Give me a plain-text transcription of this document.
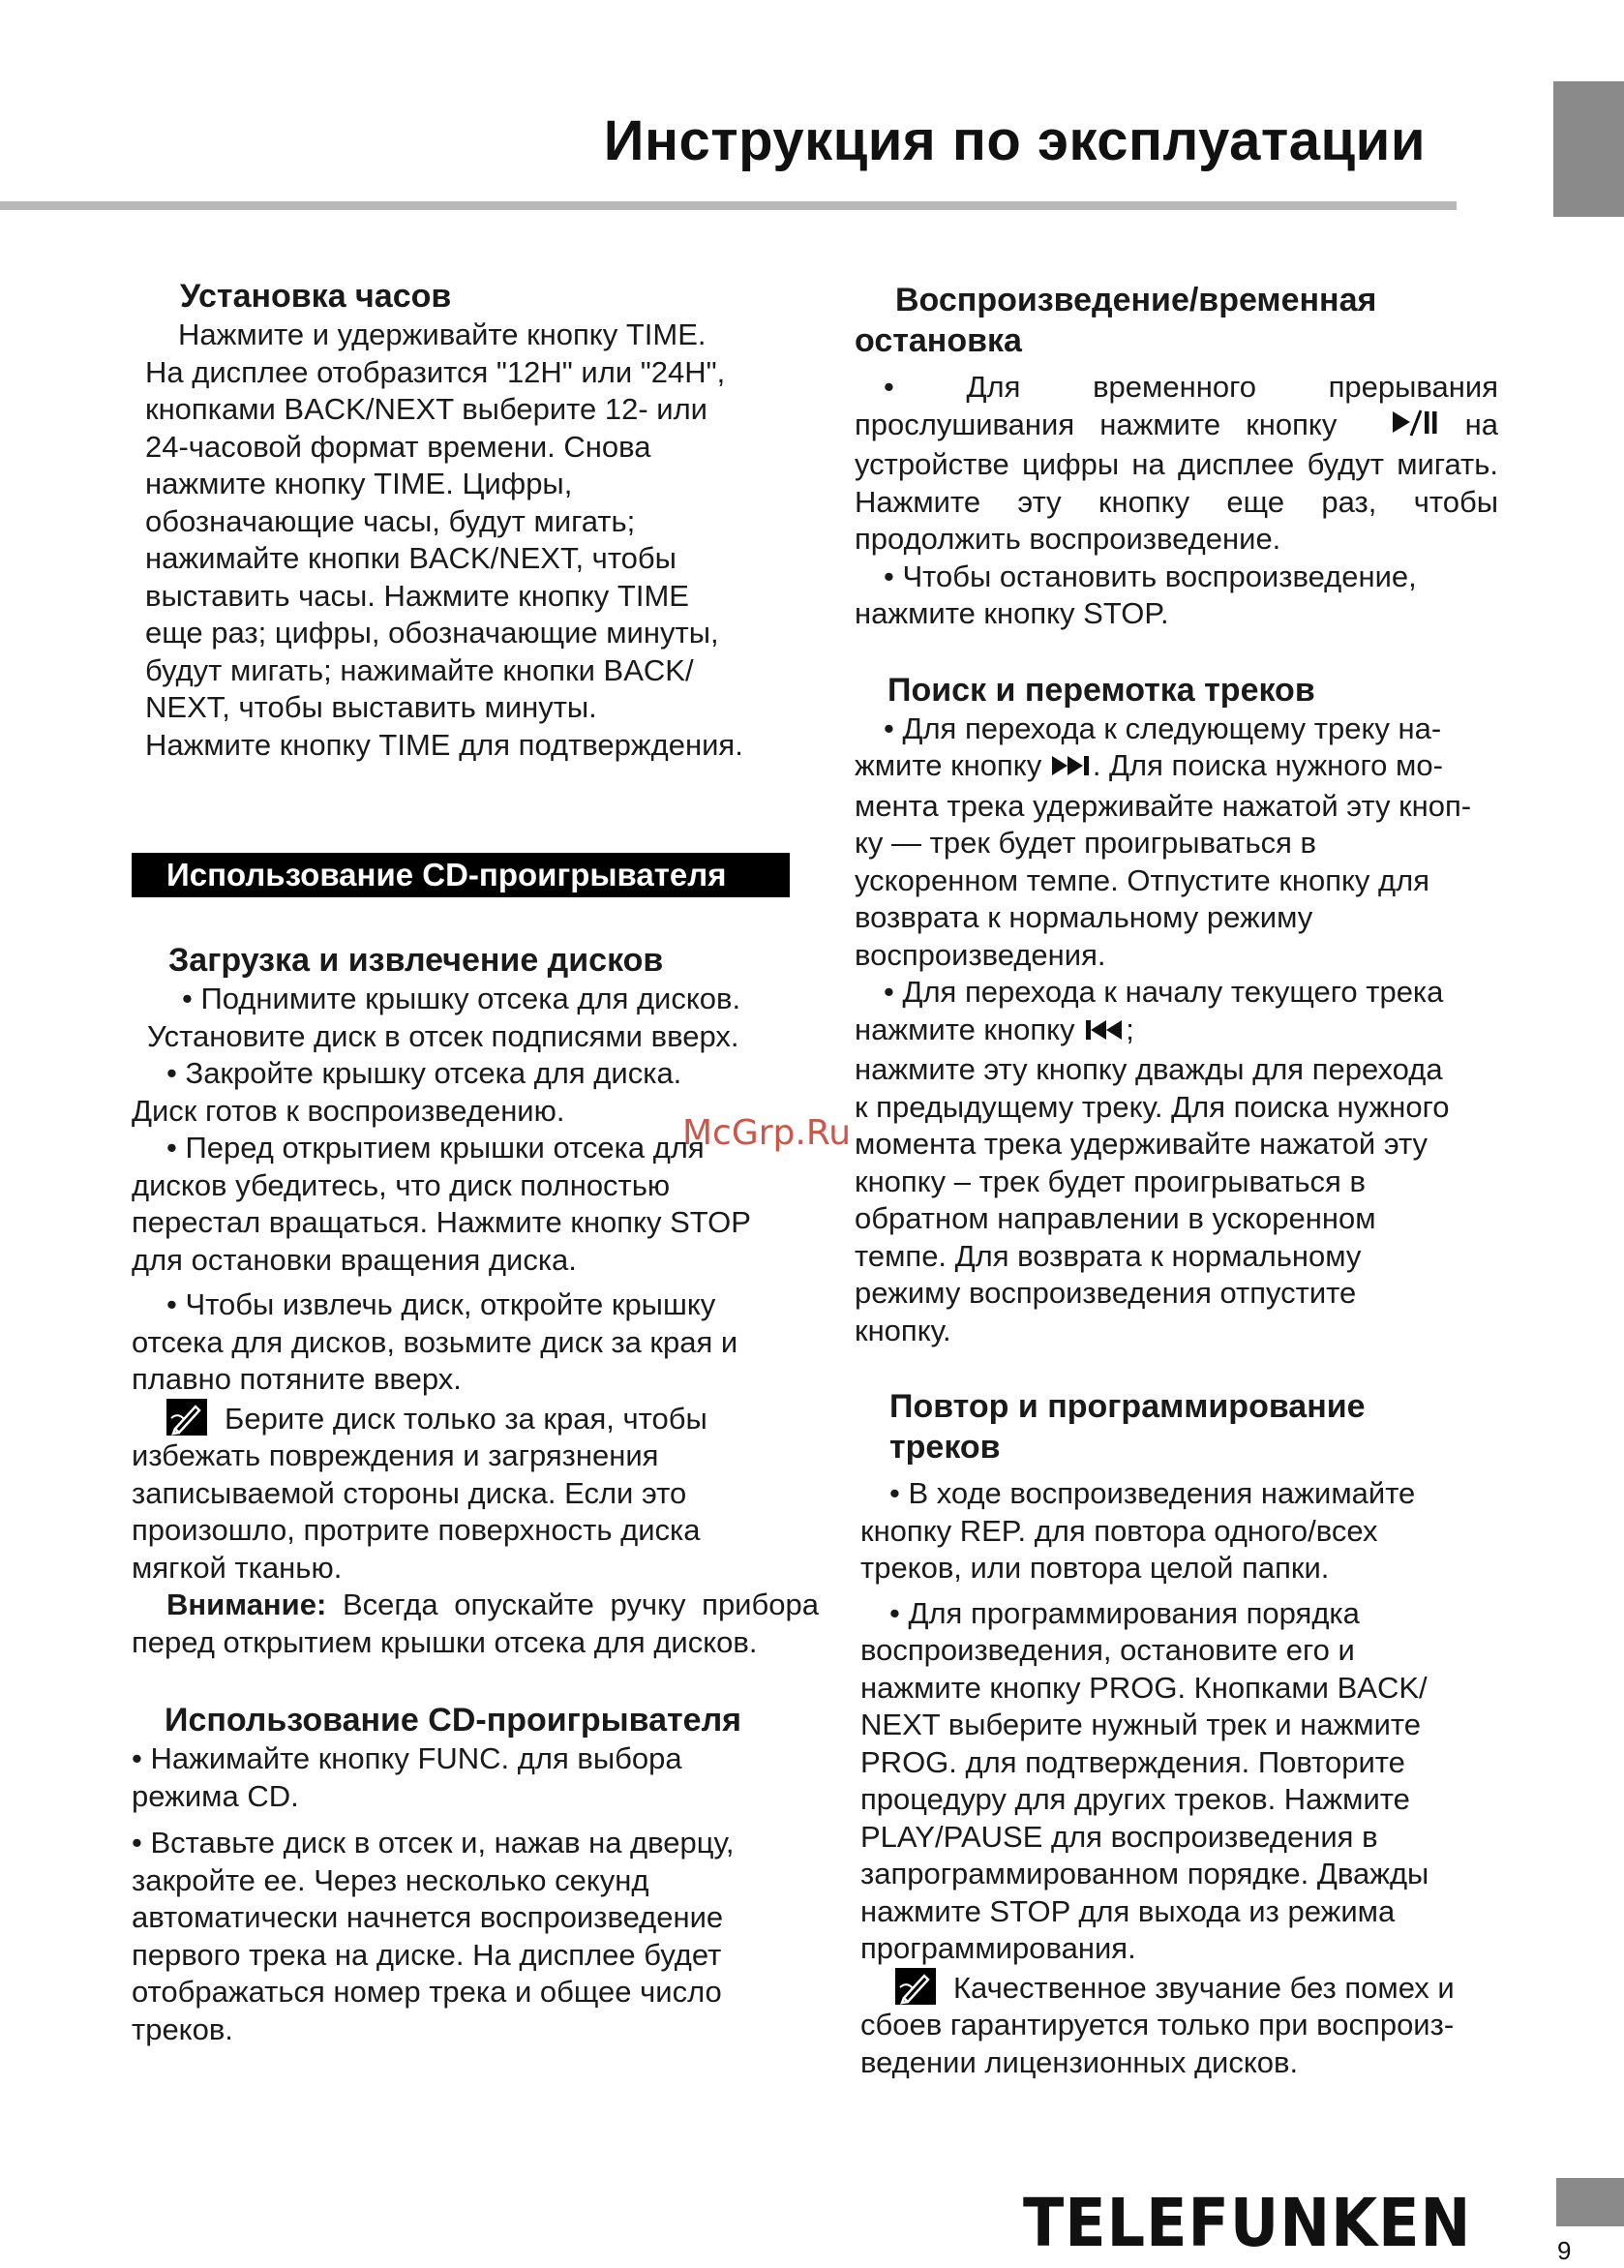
Инструкция по эксплуатации

Установка часов

Нажмите и удерживайте кнопку TIME.

На дисплее отобразится "12H" или "24H",

кнопками BACK/NEXT выберите 12- или

24-часовой формат времени. Снова

нажмите кнопку TIME. Цифры,

обозначающие часы, будут мигать;

нажимайте кнопки BACK/NEXT, чтобы

выставить часы. Нажмите кнопку TIME

еще раз; цифры, обозначающие минуты,

будут мигать; нажимайте кнопки BACK/

NEXT, чтобы выставить минуты.

Нажмите кнопку TIME для подтверждения.

Использование CD-проигрывателя

Загрузка и извлечение дисков

• Поднимите крышку отсека для дисков.

Установите диск в отсек подписями вверх.

• Закройте крышку отсека для диска.

Диск готов к воспроизведению.

• Перед открытием крышки отсека для

дисков убедитесь, что диск полностью

перестал вращаться. Нажмите кнопку STOP

для остановки вращения диска.

• Чтобы извлечь диск, откройте крышку

отсека для дисков, возьмите диск за края и

плавно потяните вверх.

Берите диск только за края, чтобы

избежать повреждения и загрязнения

записываемой стороны диска. Если это

произошло, протрите поверхность диска

мягкой тканью.

Внимание: Всегда опускайте ручку прибора перед открытием крышки отсека для дисков.

Использование CD-проигрывателя

• Нажимайте кнопку FUNC. для выбора

режима CD.

• Вставьте диск в отсек и, нажав на дверцу,

закройте ее. Через несколько секунд

автоматически начнется воспроизведение

первого трека на диске. На дисплее будет

отображаться номер трека и общее число

треков.

Воспроизведение/временная

остановка

• Для временного прерывания прослушивания нажмите кнопку	на устройстве цифры на дисплее будут мигать. Нажмите эту кнопку еще раз, чтобы продолжить воспроизведение.

• Чтобы остановить воспроизведение,

нажмите кнопку STOP.

Поиск и перемотка треков

• Для перехода к следующему треку на-

жмите кнопку . Для поиска нужного мо-

мента трека удерживайте нажатой эту кноп-

ку — трек будет проигрываться в

ускоренном темпе. Отпустите кнопку для

возврата к нормальному режиму

воспроизведения.

• Для перехода к началу текущего трека

нажмите кнопку ;

нажмите эту кнопку дважды для перехода

к предыдущему треку. Для поиска нужного

момента трека удерживайте нажатой эту

кнопку – трек будет проигрываться в

обратном направлении в ускоренном

темпе. Для возврата к нормальному

режиму воспроизведения отпустите

кнопку.

Повтор и программирование

треков

• В ходе воспроизведения нажимайте

кнопку REP. для повтора одного/всех

треков, или повтора целой папки.

• Для программирования порядка

воспроизведения, остановите его и

нажмите кнопку PROG. Кнопками BACK/

NEXT выберите нужный трек и нажмите

PROG. для подтверждения. Повторите

процедуру для других треков. Нажмите

PLAY/PAUSE для воспроизведения в

запрограммированном порядке. Дважды

нажмите STOP для выхода из режима

программирования.

Качественное звучание без помех и

сбоев гарантируется только при воспроиз-

ведении лицензионных дисков.

McGrp.Ru
TELEFUNKEN	9
